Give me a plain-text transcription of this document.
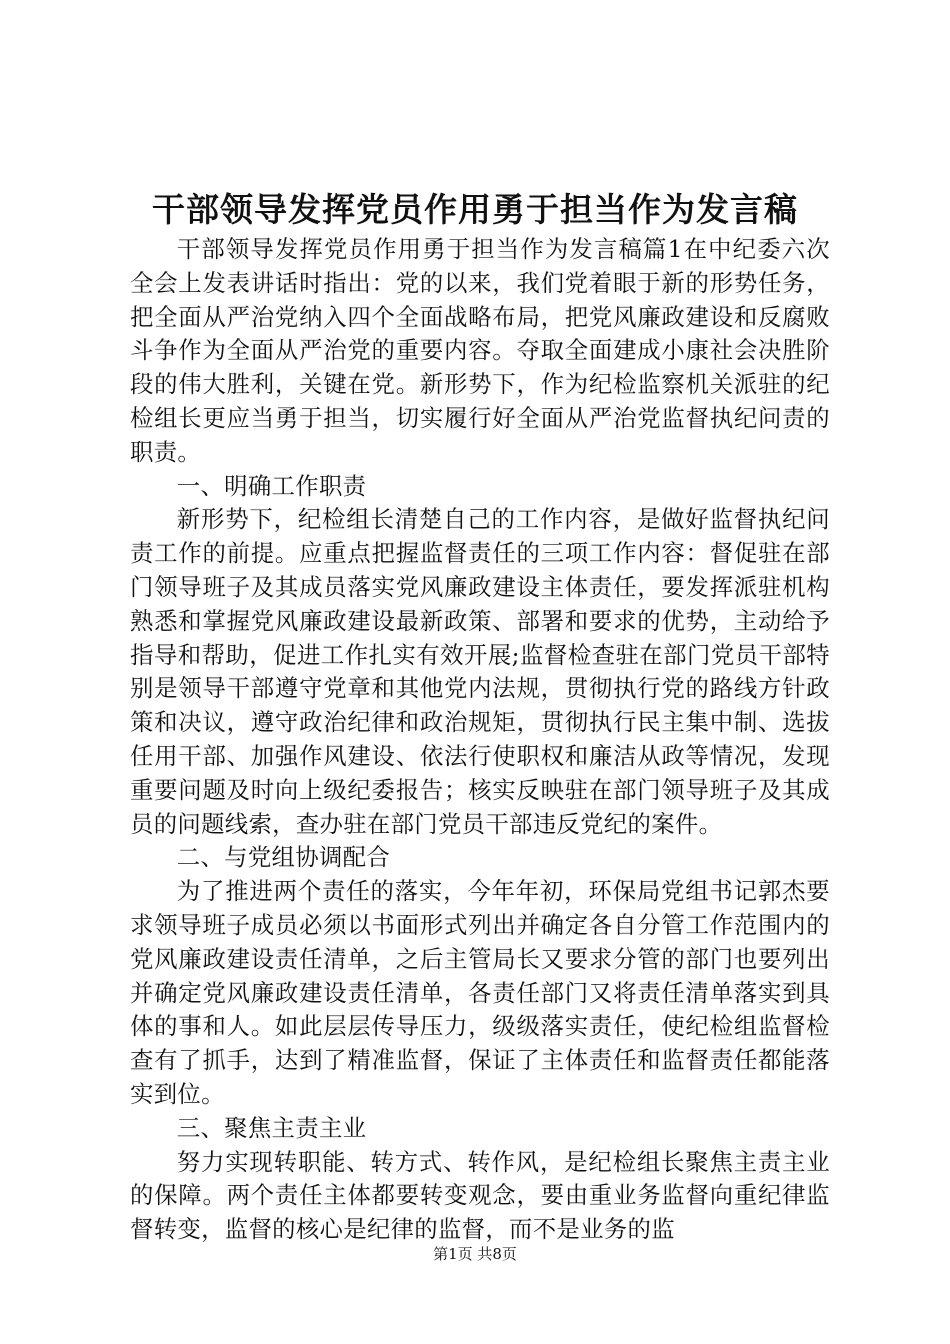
干部领导发挥党员作用勇于担当作为发言稿

干部领导发挥党员作用勇于担当作为发言稿篇1在中纪委六次全会上发表讲话时指出：党的以来，我们党着眼于新的形势任务，把全面从严治党纳入四个全面战略布局，把党风廉政建设和反腐败斗争作为全面从严治党的重要内容。夺取全面建成小康社会决胜阶段的伟大胜利，关键在党。新形势下，作为纪检监察机关派驻的纪检组长更应当勇于担当，切实履行好全面从严治党监督执纪问责的职责。

一、明确工作职责

新形势下，纪检组长清楚自己的工作内容，是做好监督执纪问责工作的前提。应重点把握监督责任的三项工作内容：督促驻在部门领导班子及其成员落实党风廉政建设主体责任，要发挥派驻机构熟悉和掌握党风廉政建设最新政策、部署和要求的优势，主动给予指导和帮助，促进工作扎实有效开展;监督检查驻在部门党员干部特别是领导干部遵守党章和其他党内法规，贯彻执行党的路线方针政策和决议，遵守政治纪律和政治规矩，贯彻执行民主集中制、选拔任用干部、加强作风建设、依法行使职权和廉洁从政等情况，发现重要问题及时向上级纪委报告；核实反映驻在部门领导班子及其成员的问题线索，查办驻在部门党员干部违反党纪的案件。

二、与党组协调配合

为了推进两个责任的落实，今年年初，环保局党组书记郭杰要求领导班子成员必须以书面形式列出并确定各自分管工作范围内的党风廉政建设责任清单，之后主管局长又要求分管的部门也要列出并确定党风廉政建设责任清单，各责任部门又将责任清单落实到具体的事和人。如此层层传导压力，级级落实责任，使纪检组监督检查有了抓手，达到了精准监督，保证了主体责任和监督责任都能落实到位。

三、聚焦主责主业

努力实现转职能、转方式、转作风，是纪检组长聚焦主责主业的保障。两个责任主体都要转变观念，要由重业务监督向重纪律监督转变，监督的核心是纪律的监督，而不是业务的监

第1页 共8页
